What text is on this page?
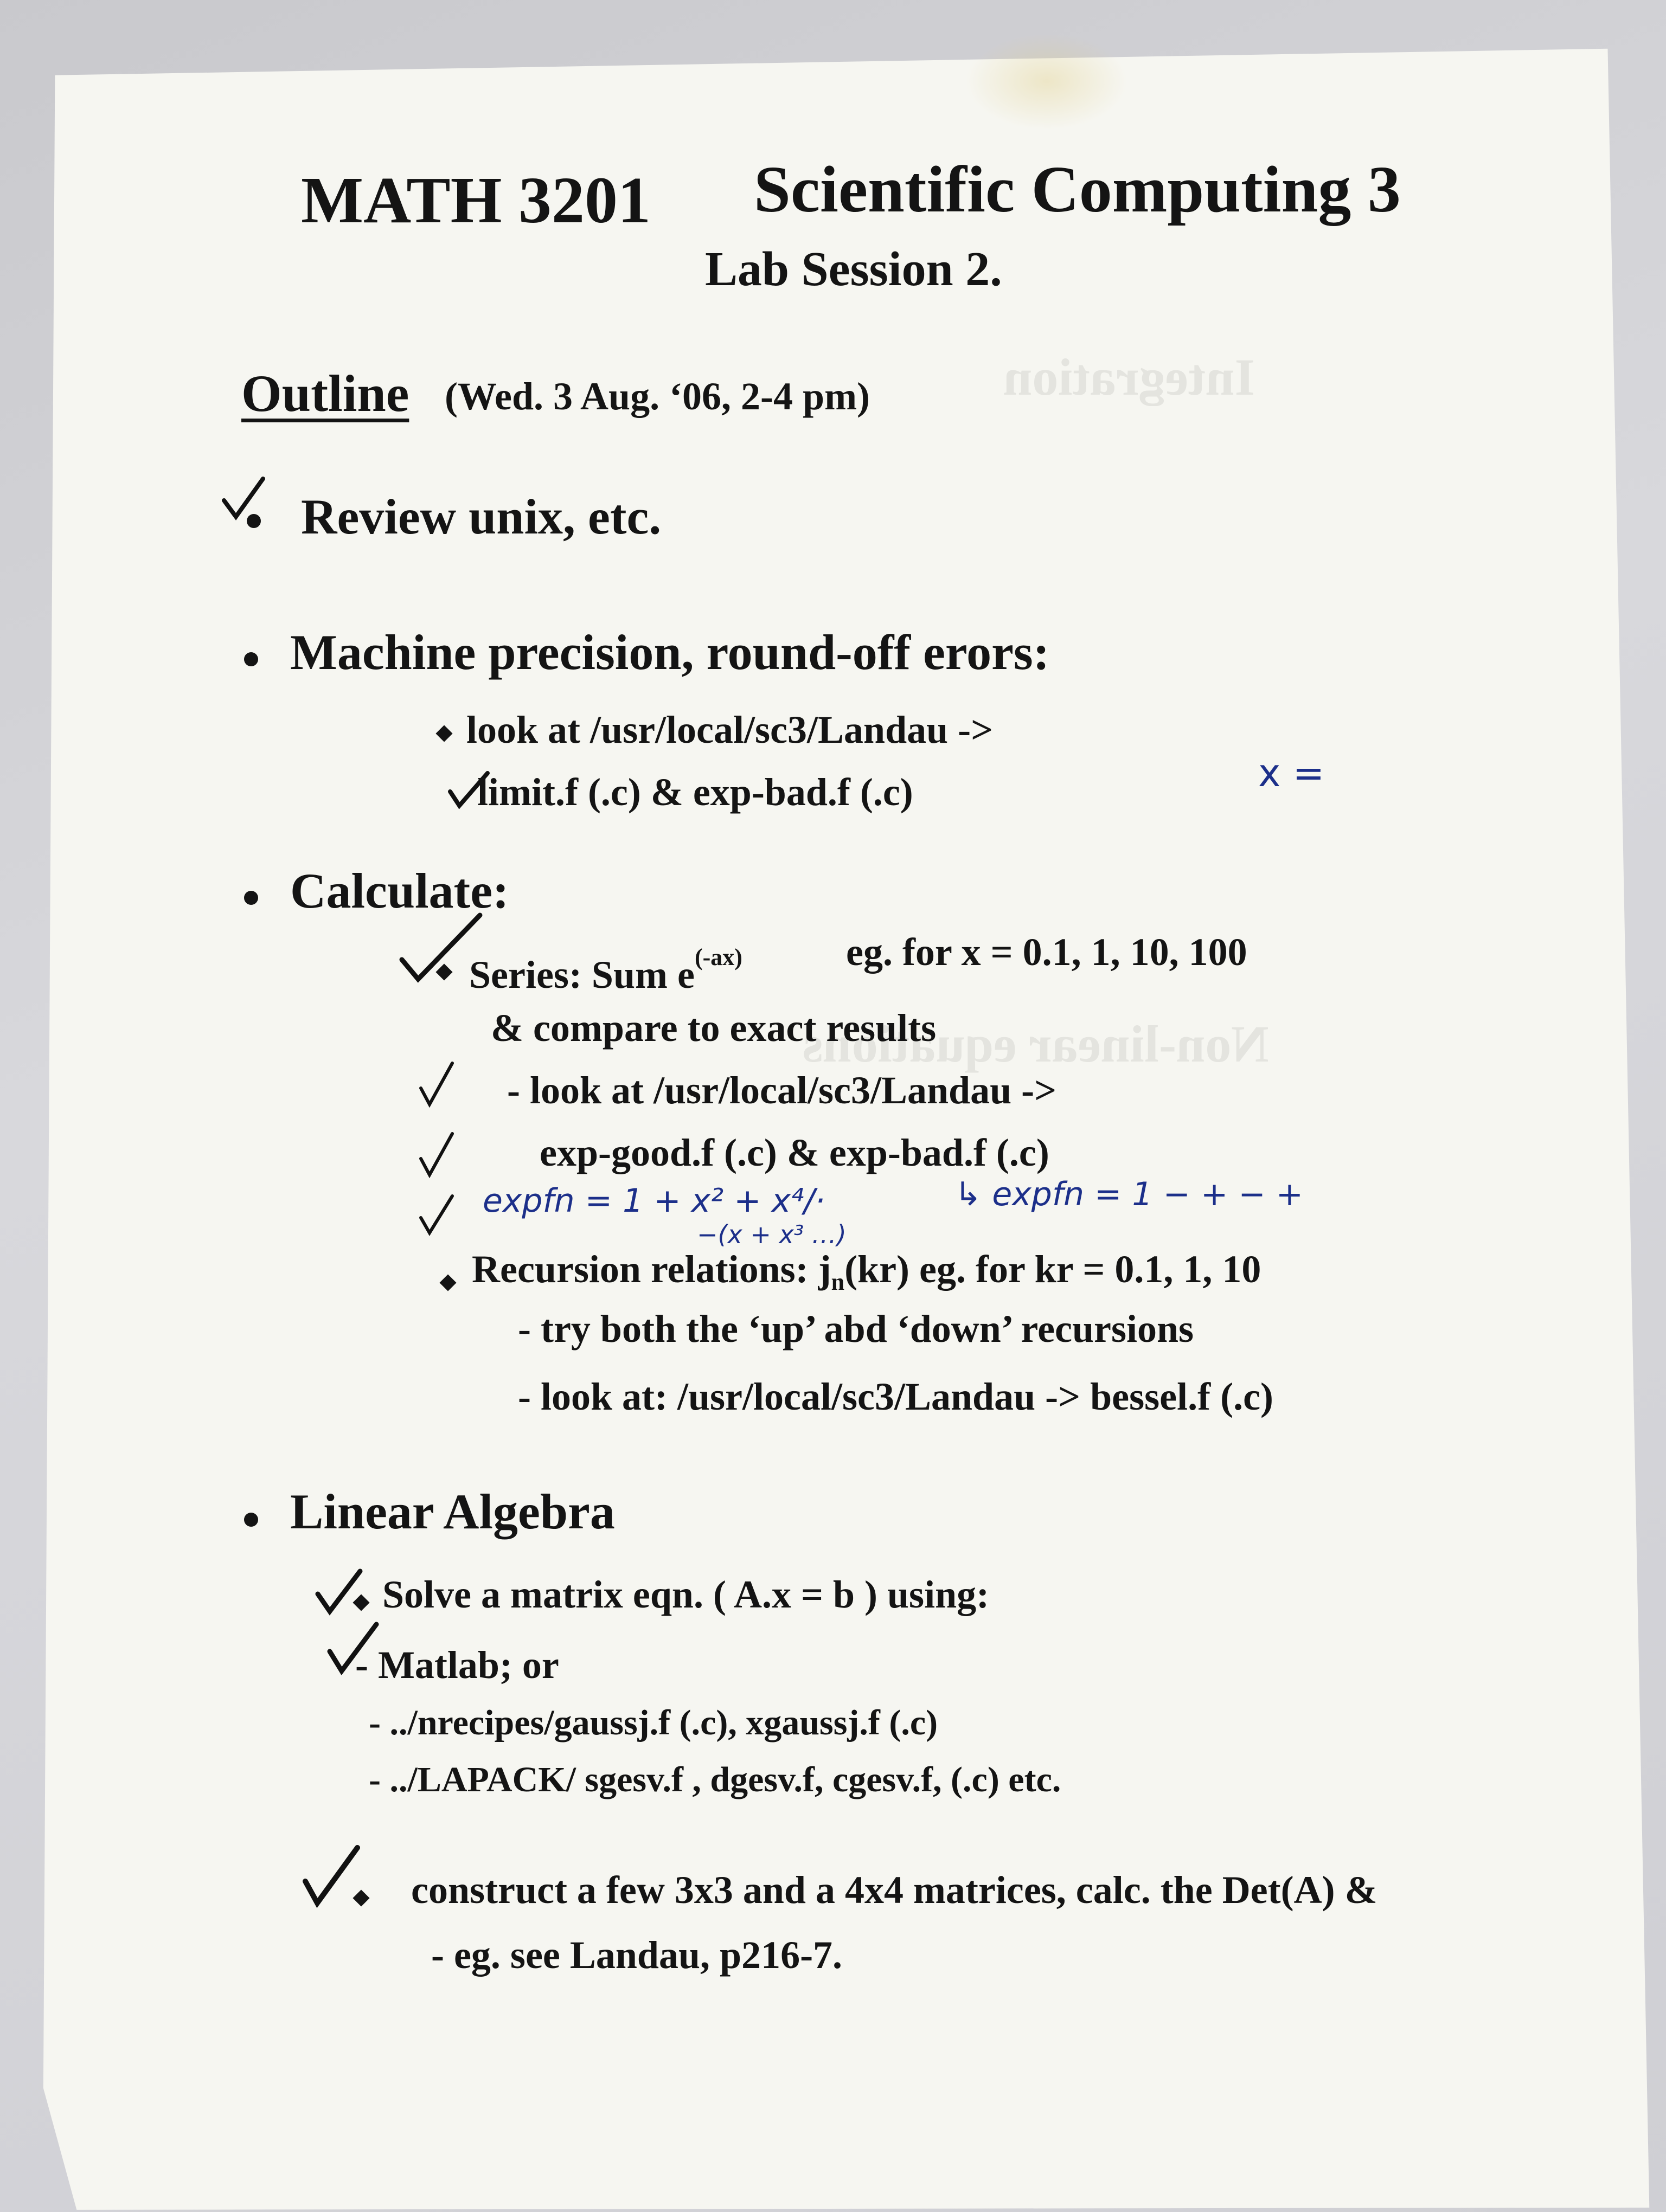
Integration
Non-linear equations
MATH 3201 Scientific Computing 3
Lab Session 2.
Outline (Wed. 3 Aug. ‘06, 2-4 pm)
Review unix, etc.
Machine precision, round-off erors:
look at /usr/local/sc3/Landau ->
limit.f (.c) & exp-bad.f (.c)	x =
Calculate:
Series: Sum $e^{(-ax)}$	eg. for x = 0.1, 1, 10, 100
& compare to exact results
- look at /usr/local/sc3/Landau ->
exp-good.f (.c) & exp-bad.f (.c)
expfn = 1 + x² + x⁴/·
−(x + x³ …)
↳ expfn = 1 − + − +
Recursion relations: $j_n(kr)$ eg. for kr = 0.1, 1, 10
- try both the ‘up’ abd ‘down’ recursions
- look at: /usr/local/sc3/Landau -> bessel.f (.c)
Linear Algebra
Solve a matrix eqn. ( A.x = b ) using:
- Matlab; or
- ../nrecipes/gaussj.f (.c), xgaussj.f (.c)
- ../LAPACK/ sgesv.f , dgesv.f, cgesv.f, (.c) etc.
construct a few 3x3 and a 4x4 matrices, calc. the Det(A) &
- eg. see Landau, p216-7.
